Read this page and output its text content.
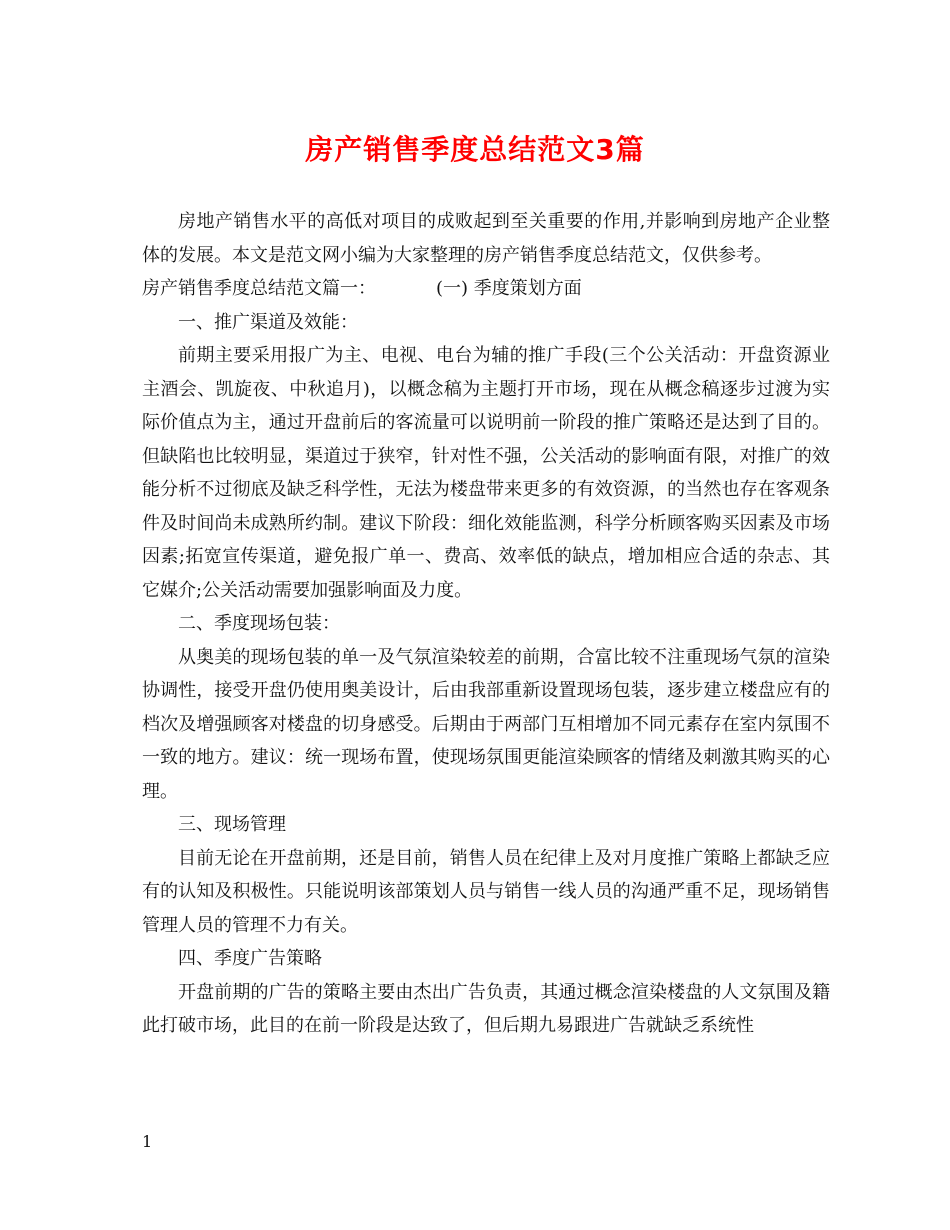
房产销售季度总结范文3篇

房地产销售水平的高低对项目的成败起到至关重要的作用,并影响到房地产企业整体的发展。本文是范文网小编为大家整理的房产销售季度总结范文，仅供参考。

房产销售季度总结范文篇一：	(一) 季度策划方面

一、推广渠道及效能：

前期主要采用报广为主、电视、电台为辅的推广手段(三个公关活动：开盘资源业主酒会、凯旋夜、中秋追月)，以概念稿为主题打开市场，现在从概念稿逐步过渡为实际价值点为主，通过开盘前后的客流量可以说明前一阶段的推广策略还是达到了目的。但缺陷也比较明显，渠道过于狭窄，针对性不强，公关活动的影响面有限，对推广的效能分析不过彻底及缺乏科学性，无法为楼盘带来更多的有效资源，的当然也存在客观条件及时间尚未成熟所约制。建议下阶段：细化效能监测，科学分析顾客购买因素及市场因素;拓宽宣传渠道，避免报广单一、费高、效率低的缺点，增加相应合适的杂志、其它媒介;公关活动需要加强影响面及力度。

二、季度现场包装：

从奥美的现场包装的单一及气氛渲染较差的前期，合富比较不注重现场气氛的渲染协调性，接受开盘仍使用奥美设计，后由我部重新设置现场包装，逐步建立楼盘应有的档次及增强顾客对楼盘的切身感受。后期由于两部门互相增加不同元素存在室内氛围不一致的地方。建议：统一现场布置，使现场氛围更能渲染顾客的情绪及刺激其购买的心理。

三、现场管理

目前无论在开盘前期，还是目前，销售人员在纪律上及对月度推广策略上都缺乏应有的认知及积极性。只能说明该部策划人员与销售一线人员的沟通严重不足，现场销售管理人员的管理不力有关。

四、季度广告策略

开盘前期的广告的策略主要由杰出广告负责，其通过概念渲染楼盘的人文氛围及籍此打破市场，此目的在前一阶段是达致了，但后期九易跟进广告就缺乏系统性

1
